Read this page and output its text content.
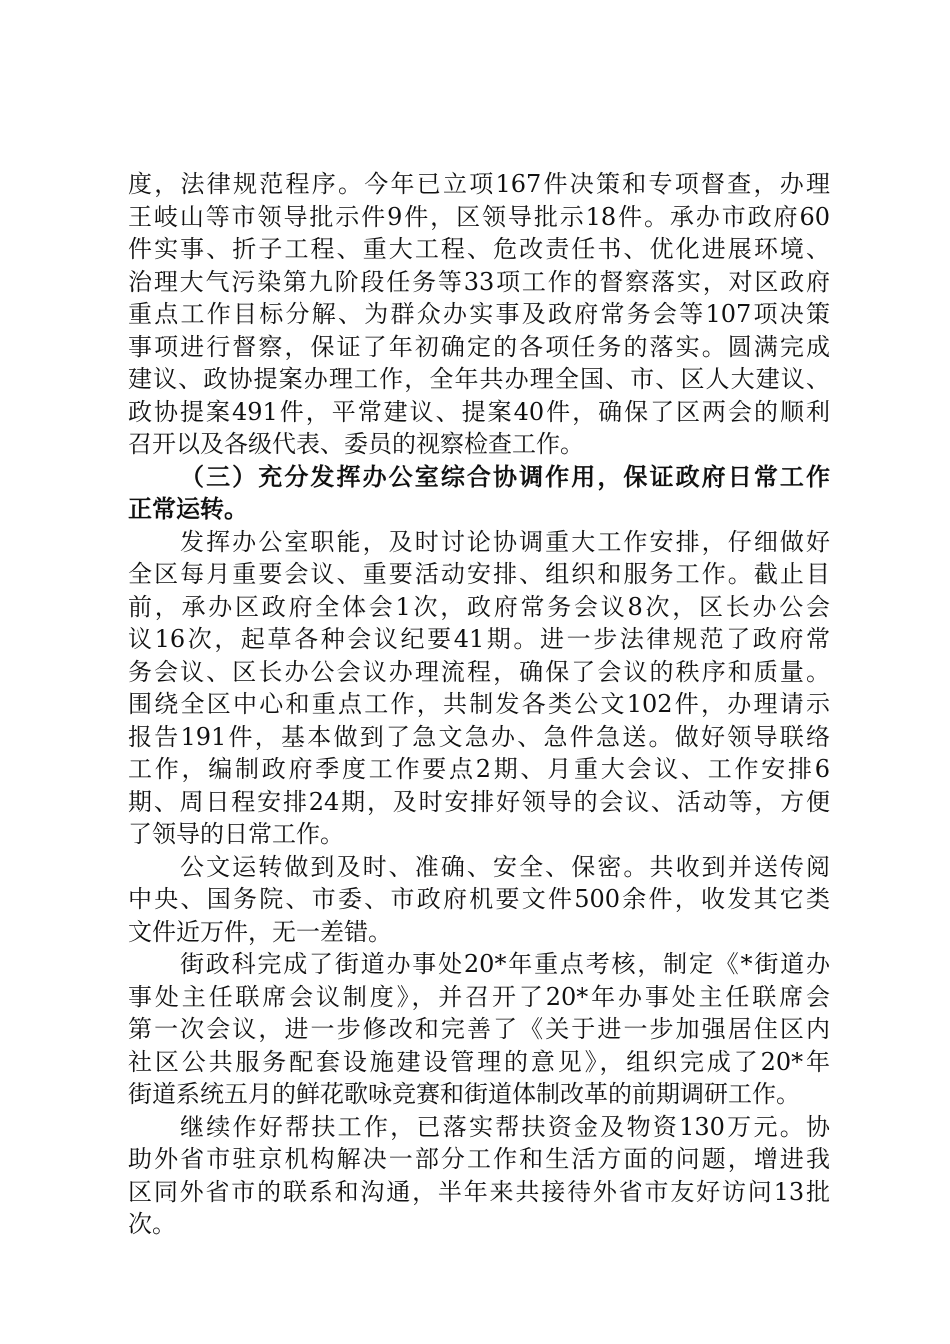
度，法律规范程序。今年已立项167件决策和专项督查，办理
王岐山等市领导批示件9件，区领导批示18件。承办市政府60
件实事、折子工程、重大工程、危改责任书、优化进展环境、
治理大气污染第九阶段任务等33项工作的督察落实，对区政府
重点工作目标分解、为群众办实事及政府常务会等107项决策
事项进行督察，保证了年初确定的各项任务的落实。圆满完成
建议、政协提案办理工作，全年共办理全国、市、区人大建议、
政协提案491件，平常建议、提案40件，确保了区两会的顺利
召开以及各级代表、委员的视察检查工作。
（三）充分发挥办公室综合协调作用，保证政府日常工作
正常运转。
发挥办公室职能，及时讨论协调重大工作安排，仔细做好
全区每月重要会议、重要活动安排、组织和服务工作。截止目
前，承办区政府全体会1次，政府常务会议8次，区长办公会
议16次，起草各种会议纪要41期。进一步法律规范了政府常
务会议、区长办公会议办理流程，确保了会议的秩序和质量。
围绕全区中心和重点工作，共制发各类公文102件，办理请示
报告191件，基本做到了急文急办、急件急送。做好领导联络
工作，编制政府季度工作要点2期、月重大会议、工作安排6
期、周日程安排24期，及时安排好领导的会议、活动等，方便
了领导的日常工作。
公文运转做到及时、准确、安全、保密。共收到并送传阅
中央、国务院、市委、市政府机要文件500余件，收发其它类
文件近万件，无一差错。
街政科完成了街道办事处20*年重点考核，制定《*街道办
事处主任联席会议制度》，并召开了20*年办事处主任联席会
第一次会议，进一步修改和完善了《关于进一步加强居住区内
社区公共服务配套设施建设管理的意见》，组织完成了20*年
街道系统五月的鲜花歌咏竞赛和街道体制改革的前期调研工作。
继续作好帮扶工作，已落实帮扶资金及物资130万元。协
助外省市驻京机构解决一部分工作和生活方面的问题，增进我
区同外省市的联系和沟通，半年来共接待外省市友好访问13批
次。
